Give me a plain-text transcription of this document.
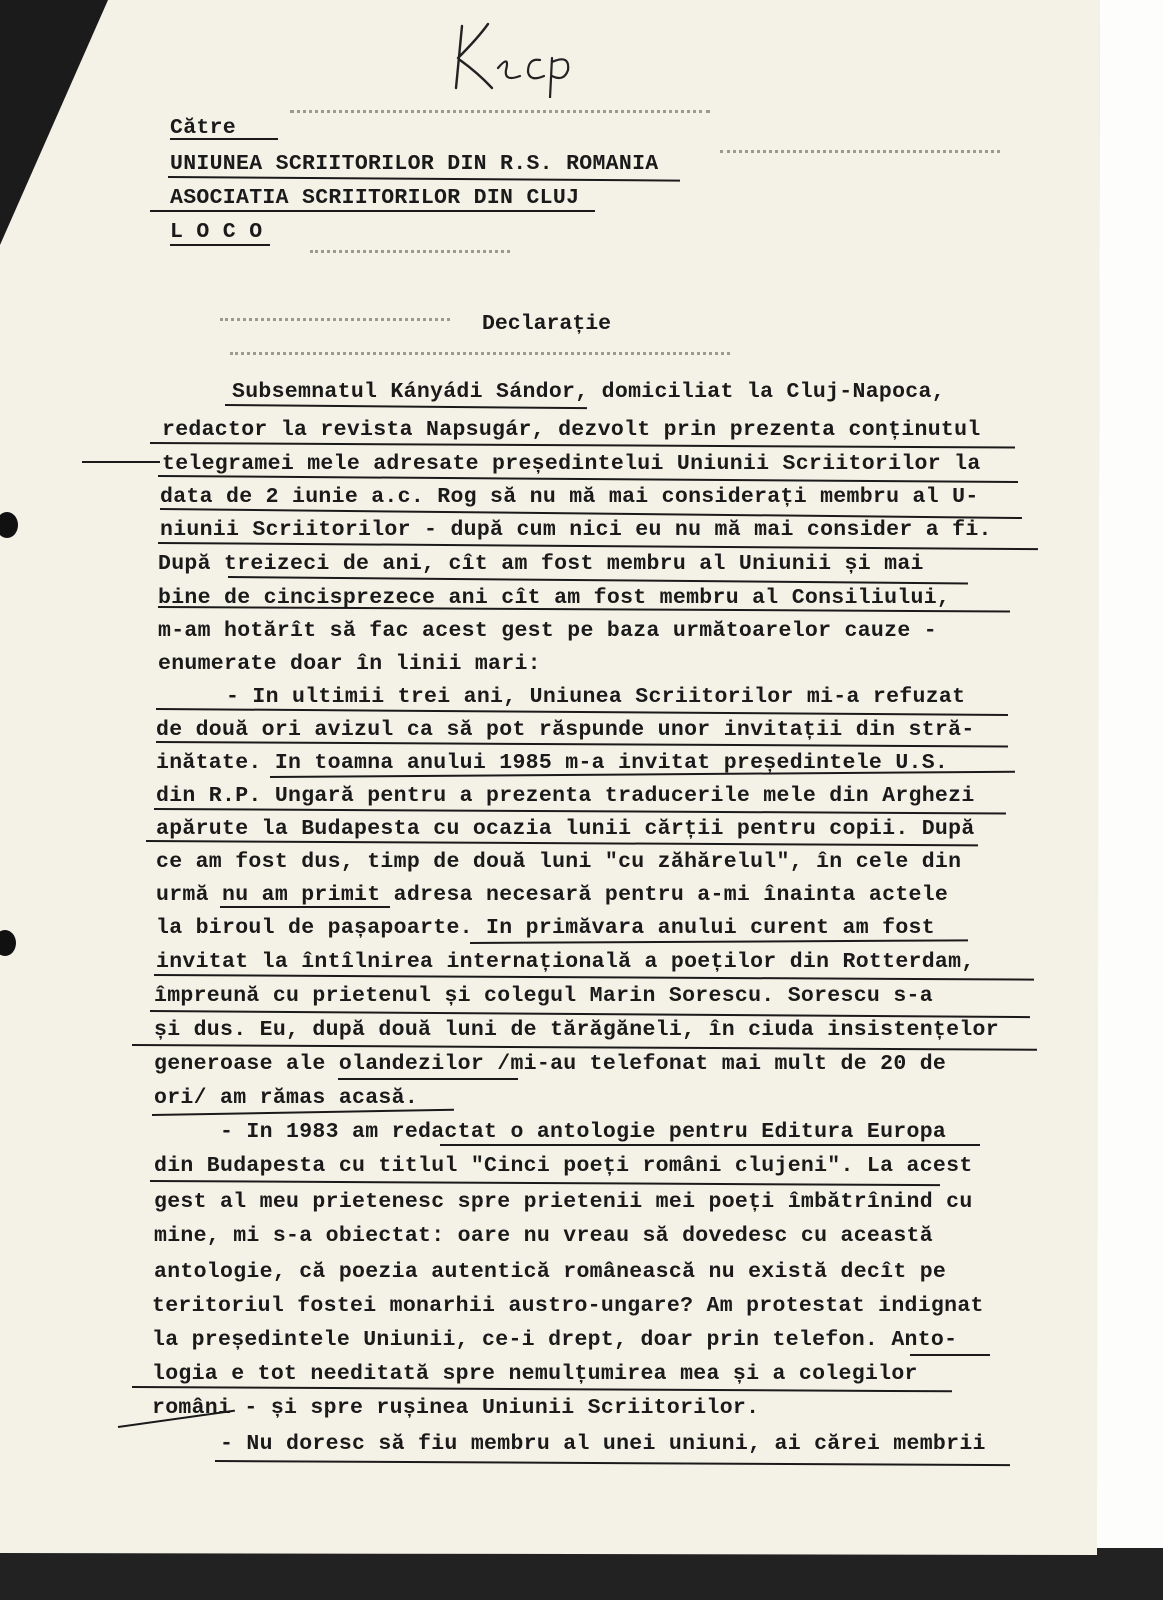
Către

UNIUNEA SCRIITORILOR DIN R.S. ROMANIA

ASOCIATIA SCRIITORILOR DIN CLUJ

L O C O

Declarație

Subsemnatul Kányádi Sándor, domiciliat la Cluj-Napoca,

redactor la revista Napsugár, dezvolt prin prezenta conținutul

telegramei mele adresate președintelui Uniunii Scriitorilor la

data de 2 iunie a.c. Rog să nu mă mai considerați membru al U-

niunii Scriitorilor - după cum nici eu nu mă mai consider a fi.

După treizeci de ani, cît am fost membru al Uniunii și mai

bine de cincisprezece ani cît am fost membru al Consiliului,

m-am hotărît să fac acest gest pe baza următoarelor cauze -

enumerate doar în linii mari:

- In ultimii trei ani, Uniunea Scriitorilor mi-a refuzat

de două ori avizul ca să pot răspunde unor invitații din stră-

inătate. In toamna anului 1985 m-a invitat președintele U.S.

din R.P. Ungară pentru a prezenta traducerile mele din Arghezi

apărute la Budapesta cu ocazia lunii cărții pentru copii. După

ce am fost dus, timp de două luni "cu zăhărelul", în cele din

urmă nu am primit adresa necesară pentru a-mi înainta actele

la biroul de pașapoarte. In primăvara anului curent am fost

invitat la întîlnirea internațională a poeților din Rotterdam,

împreună cu prietenul și colegul Marin Sorescu. Sorescu s-a

și dus. Eu, după două luni de tărăgăneli, în ciuda insistențelor

generoase ale olandezilor /mi-au telefonat mai mult de 20 de

ori/ am rămas acasă.

- In 1983 am redactat o antologie pentru Editura Europa

din Budapesta cu titlul "Cinci poeți români clujeni". La acest

gest al meu prietenesc spre prietenii mei poeți îmbătrînind cu

mine, mi s-a obiectat: oare nu vreau să dovedesc cu această

antologie, că poezia autentică românească nu există decît pe

teritoriul fostei monarhii austro-ungare? Am protestat indignat

la președintele Uniunii, ce-i drept, doar prin telefon. Anto-

logia e tot needitată spre nemulțumirea mea și a colegilor

români - și spre rușinea Uniunii Scriitorilor.

- Nu doresc să fiu membru al unei uniuni, ai cărei membrii
